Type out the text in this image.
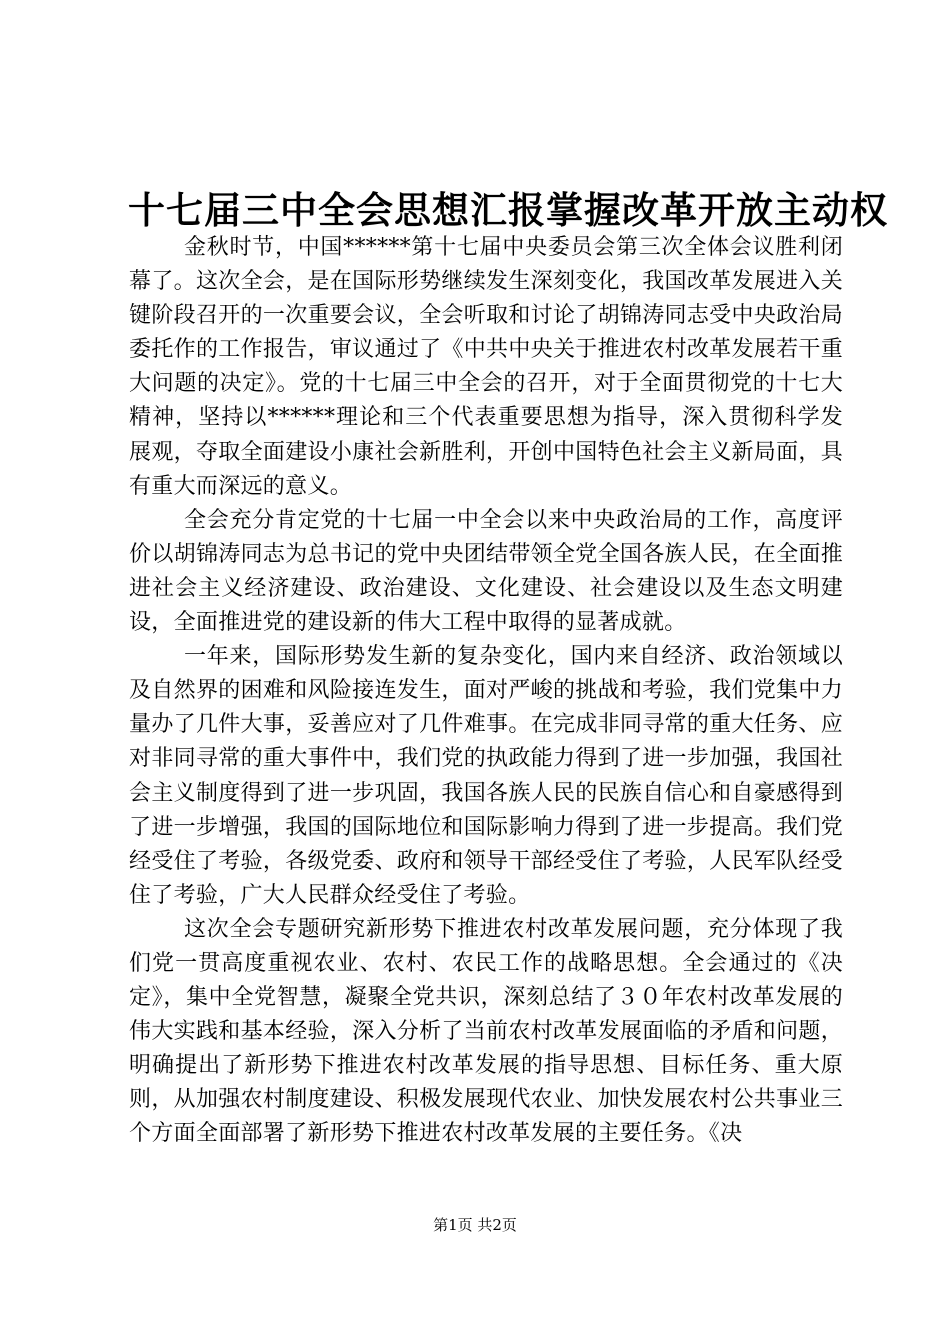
十七届三中全会思想汇报掌握改革开放主动权

金秋时节，中国******第十七届中央委员会第三次全体会议胜利闭幕了。这次全会，是在国际形势继续发生深刻变化，我国改革发展进入关键阶段召开的一次重要会议，全会听取和讨论了胡锦涛同志受中央政治局委托作的工作报告，审议通过了《中共中央关于推进农村改革发展若干重大问题的决定》。党的十七届三中全会的召开，对于全面贯彻党的十七大精神，坚持以******理论和三个代表重要思想为指导，深入贯彻科学发展观，夺取全面建设小康社会新胜利，开创中国特色社会主义新局面，具有重大而深远的意义。

全会充分肯定党的十七届一中全会以来中央政治局的工作，高度评价以胡锦涛同志为总书记的党中央团结带领全党全国各族人民，在全面推进社会主义经济建设、政治建设、文化建设、社会建设以及生态文明建设，全面推进党的建设新的伟大工程中取得的显著成就。

一年来，国际形势发生新的复杂变化，国内来自经济、政治领域以及自然界的困难和风险接连发生，面对严峻的挑战和考验，我们党集中力量办了几件大事，妥善应对了几件难事。在完成非同寻常的重大任务、应对非同寻常的重大事件中，我们党的执政能力得到了进一步加强，我国社会主义制度得到了进一步巩固，我国各族人民的民族自信心和自豪感得到了进一步增强，我国的国际地位和国际影响力得到了进一步提高。我们党经受住了考验，各级党委、政府和领导干部经受住了考验，人民军队经受住了考验，广大人民群众经受住了考验。

这次全会专题研究新形势下推进农村改革发展问题，充分体现了我们党一贯高度重视农业、农村、农民工作的战略思想。全会通过的《决定》，集中全党智慧，凝聚全党共识，深刻总结了３０年农村改革发展的伟大实践和基本经验，深入分析了当前农村改革发展面临的矛盾和问题，明确提出了新形势下推进农村改革发展的指导思想、目标任务、重大原则，从加强农村制度建设、积极发展现代农业、加快发展农村公共事业三个方面全面部署了新形势下推进农村改革发展的主要任务。《决

第1页 共2页
